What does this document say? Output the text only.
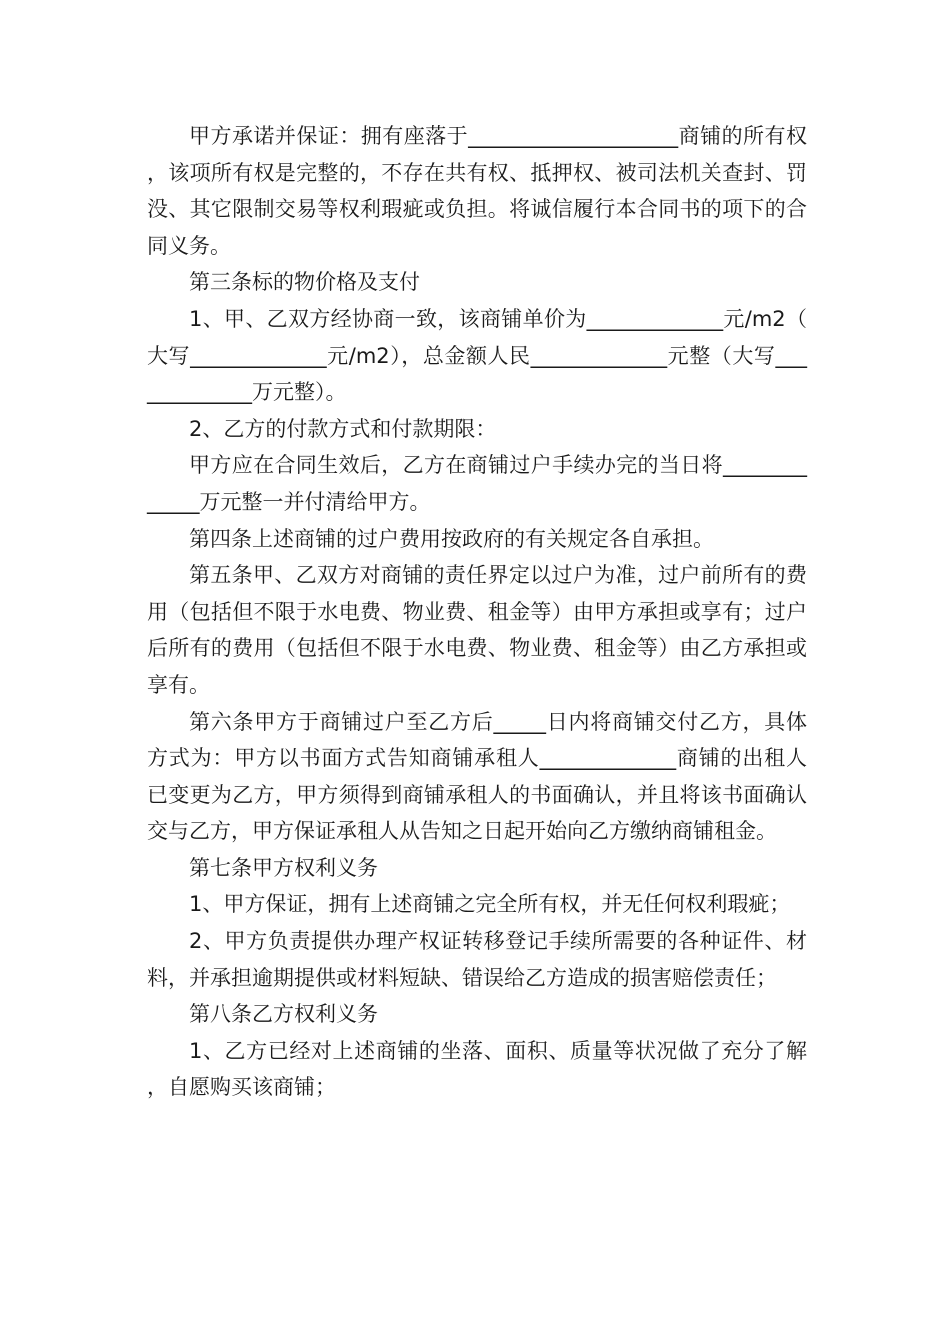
甲方承诺并保证：拥有座落于____________________商铺的所有权，该项所有权是完整的，不存在共有权、抵押权、被司法机关查封、罚没、其它限制交易等权利瑕疵或负担。将诚信履行本合同书的项下的合同义务。

第三条标的物价格及支付

1、甲、乙双方经协商一致，该商铺单价为_____________元/m2（大写_____________元/m2），总金额人民_____________元整（大写_____________万元整）。

2、乙方的付款方式和付款期限：

甲方应在合同生效后，乙方在商铺过户手续办完的当日将_____________万元整一并付清给甲方。

第四条上述商铺的过户费用按政府的有关规定各自承担。

第五条甲、乙双方对商铺的责任界定以过户为准，过户前所有的费用（包括但不限于水电费、物业费、租金等）由甲方承担或享有；过户后所有的费用（包括但不限于水电费、物业费、租金等）由乙方承担或享有。

第六条甲方于商铺过户至乙方后_____日内将商铺交付乙方，具体方式为：甲方以书面方式告知商铺承租人_____________商铺的出租人已变更为乙方，甲方须得到商铺承租人的书面确认，并且将该书面确认交与乙方，甲方保证承租人从告知之日起开始向乙方缴纳商铺租金。

第七条甲方权利义务

1、甲方保证，拥有上述商铺之完全所有权，并无任何权利瑕疵；

2、甲方负责提供办理产权证转移登记手续所需要的各种证件、材料，并承担逾期提供或材料短缺、错误给乙方造成的损害赔偿责任；

第八条乙方权利义务

1、乙方已经对上述商铺的坐落、面积、质量等状况做了充分了解，自愿购买该商铺；
